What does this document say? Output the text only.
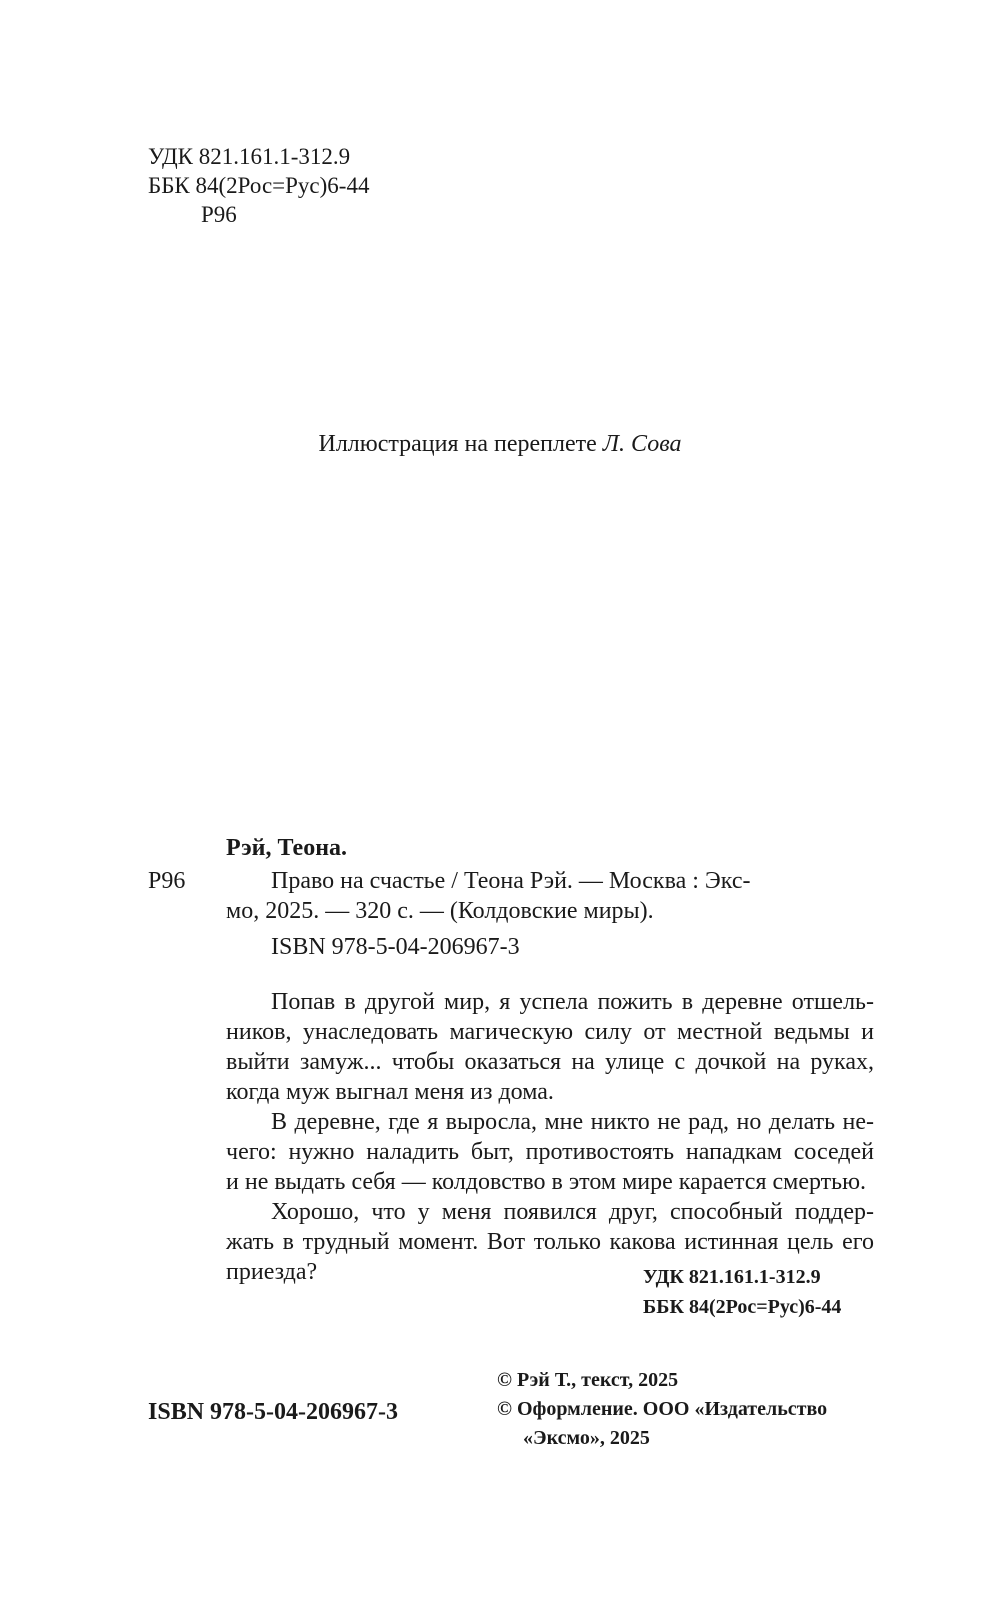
УДК 821.161.1-312.9
ББК 84(2Рос=Рус)6-44
Р96
Иллюстрация на переплете Л. Сова
Р96
Рэй, Теона.
Право на счастье / Теона Рэй. — Москва : Экс-
мо, 2025. — 320 с. — (Колдовские миры).
ISBN 978-5-04-206967-3
Попав в другой мир, я успела пожить в деревне отшель-
ников, унаследовать магическую силу от местной ведьмы и
выйти замуж... чтобы оказаться на улице с дочкой на руках,
когда муж выгнал меня из дома.
В деревне, где я выросла, мне никто не рад, но делать не-
чего: нужно наладить быт, противостоять нападкам соседей
и не выдать себя — колдовство в этом мире карается смертью.
Хорошо, что у меня появился друг, способный поддер-
жать в трудный момент. Вот только какова истинная цель его
приезда?	УДК 821.161.1-312.9
ББК 84(2Рос=Рус)6-44
© Рэй Т., текст, 2025
© Оформление. ООО «Издательство
«Эксмо», 2025
ISBN 978-5-04-206967-3
